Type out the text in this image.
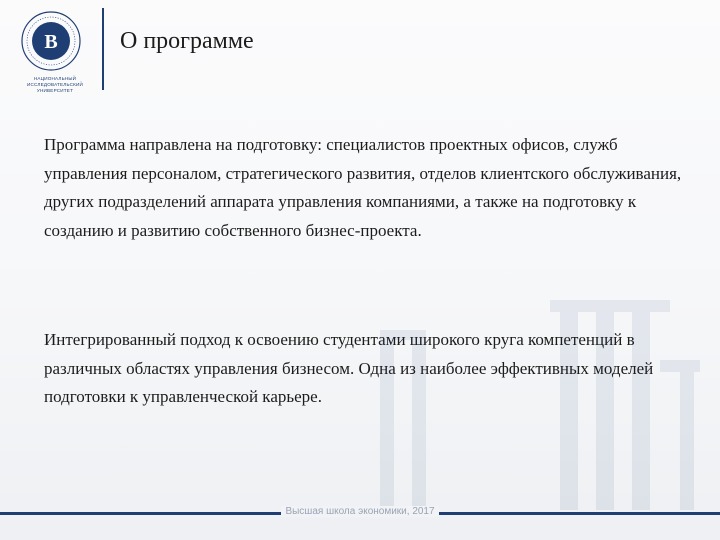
В
НАЦИОНАЛЬНЫЙ ИССЛЕДОВАТЕЛЬСКИЙ УНИВЕРСИТЕТ
О программе

Программа направлена на подготовку: специалистов проектных офисов, служб управления персоналом, стратегического развития, отделов клиентского обслуживания, других подразделений аппарата управления компаниями, а также на подготовку к созданию и развитию собственного бизнес-проекта.

Интегрированный подход к освоению студентами широкого круга компетенций в различных областях управления бизнесом. Одна из наиболее эффективных моделей подготовки к управленческой карьере.

Высшая школа экономики, 2017
